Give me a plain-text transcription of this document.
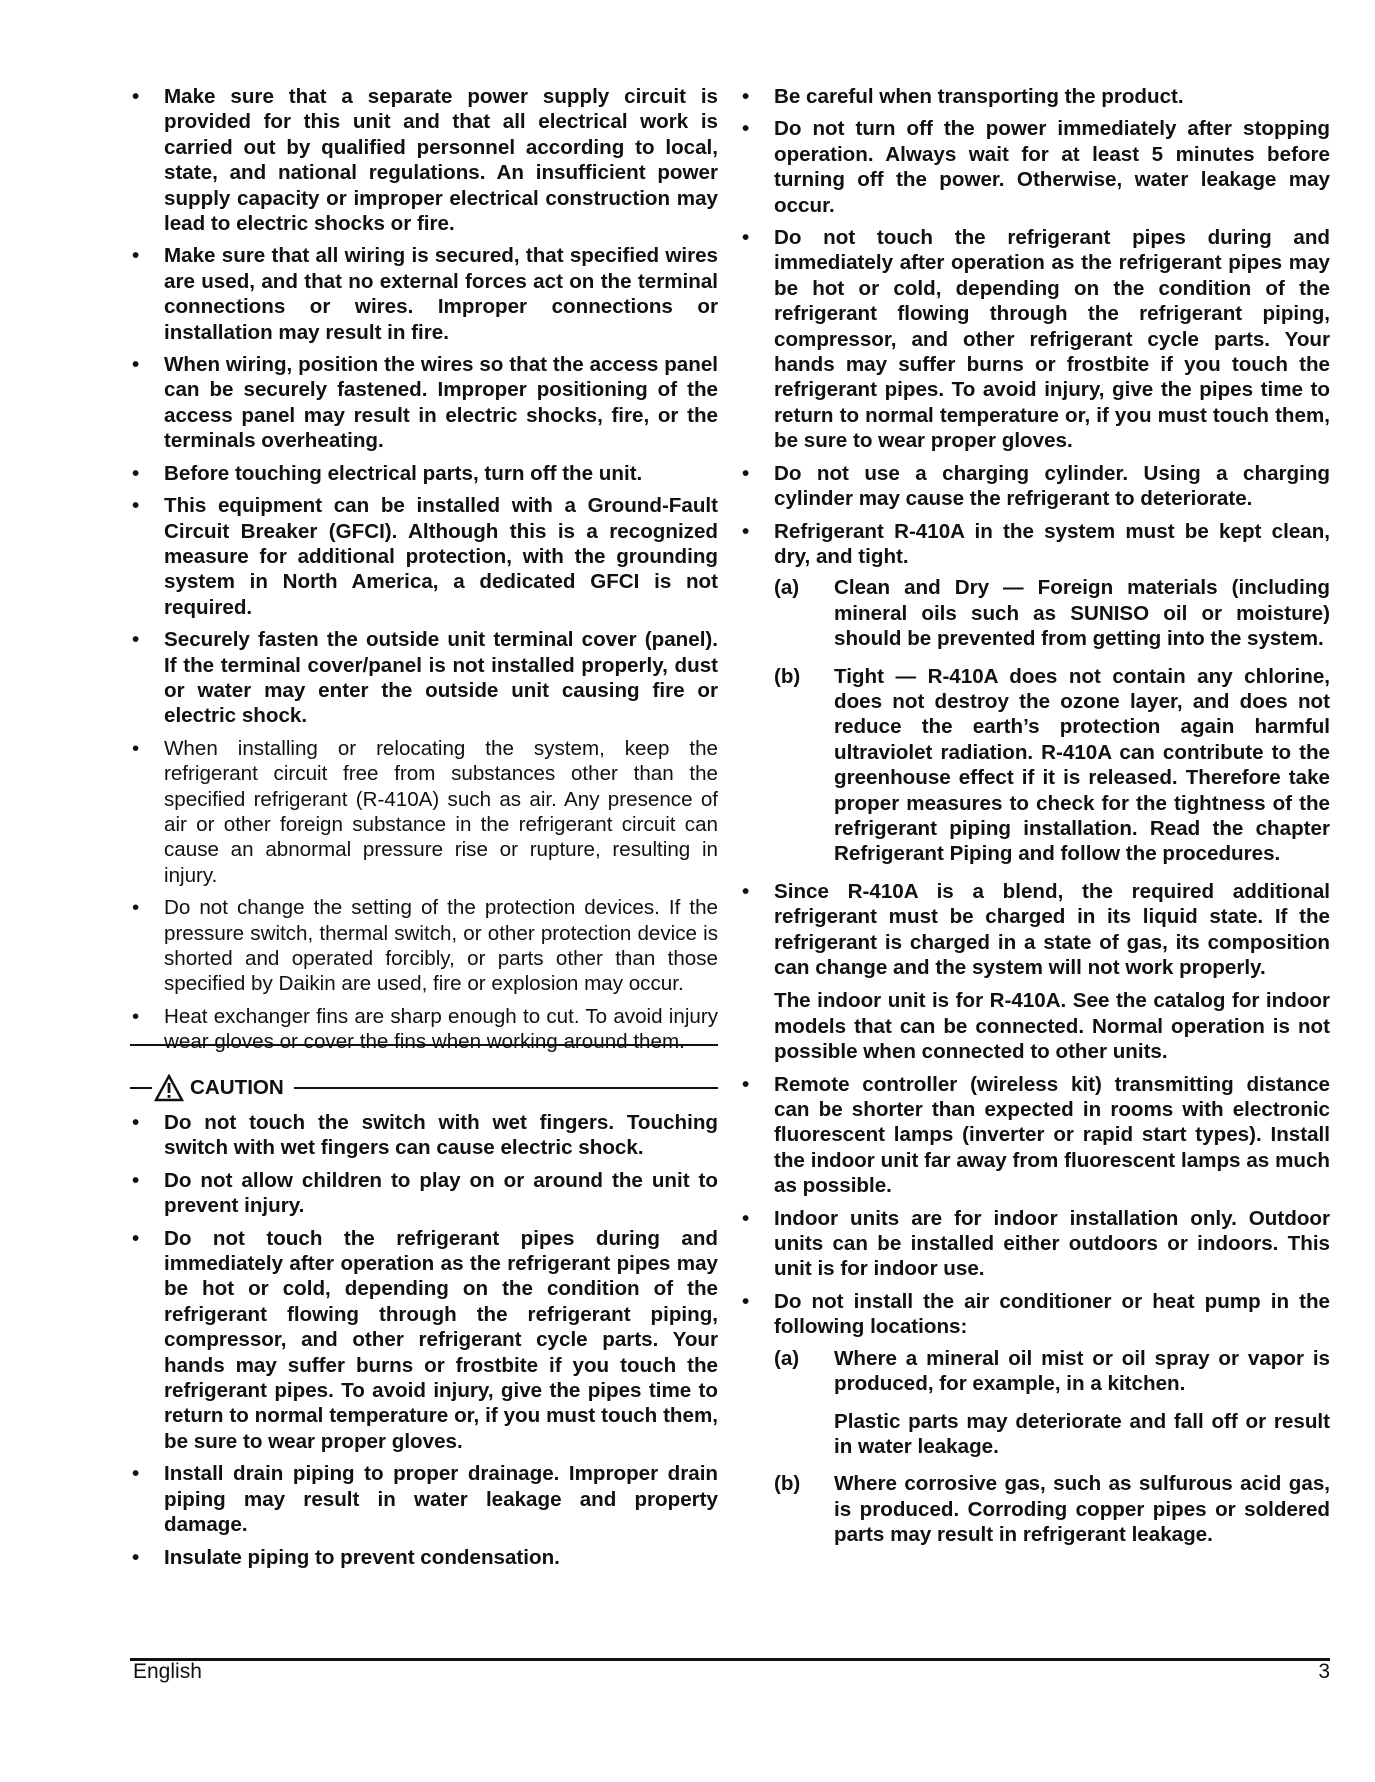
• Make sure that a separate power supply circuit is provided for this unit and that all electrical work is carried out by qualified personnel according to local, state, and national regulations. An insufficient power supply capacity or improper electrical construction may lead to electric shocks or fire.
• Make sure that all wiring is secured, that specified wires are used, and that no external forces act on the terminal connections or wires. Improper connections or installation may result in fire.
• When wiring, position the wires so that the access panel can be securely fastened. Improper positioning of the access panel may result in electric shocks, fire, or the terminals overheating.
• Before touching electrical parts, turn off the unit.
• This equipment can be installed with a Ground-Fault Circuit Breaker (GFCI). Although this is a recognized measure for additional protection, with the grounding system in North America, a dedicated GFCI is not required.
• Securely fasten the outside unit terminal cover (panel). If the terminal cover/panel is not installed properly, dust or water may enter the outside unit causing fire or electric shock.
• When installing or relocating the system, keep the refrigerant circuit free from substances other than the specified refrigerant (R-410A) such as air. Any presence of air or other foreign substance in the refrigerant circuit can cause an abnormal pressure rise or rupture, resulting in injury.
• Do not change the setting of the protection devices. If the pressure switch, thermal switch, or other protection device is shorted and operated forcibly, or parts other than those specified by Daikin are used, fire or explosion may occur.
• Heat exchanger fins are sharp enough to cut. To avoid injury wear gloves or cover the fins when working around them.
CAUTION
• Do not touch the switch with wet fingers. Touching switch with wet fingers can cause electric shock.
• Do not allow children to play on or around the unit to prevent injury.
• Do not touch the refrigerant pipes during and immediately after operation as the refrigerant pipes may be hot or cold, depending on the condition of the refrigerant flowing through the refrigerant piping, compressor, and other refrigerant cycle parts. Your hands may suffer burns or frostbite if you touch the refrigerant pipes. To avoid injury, give the pipes time to return to normal temperature or, if you must touch them, be sure to wear proper gloves.
• Install drain piping to proper drainage. Improper drain piping may result in water leakage and property damage.
• Insulate piping to prevent condensation.
• Be careful when transporting the product.
• Do not turn off the power immediately after stopping operation. Always wait for at least 5 minutes before turning off the power. Otherwise, water leakage may occur.
• Do not touch the refrigerant pipes during and immediately after operation as the refrigerant pipes may be hot or cold, depending on the condition of the refrigerant flowing through the refrigerant piping, compressor, and other refrigerant cycle parts. Your hands may suffer burns or frostbite if you touch the refrigerant pipes. To avoid injury, give the pipes time to return to normal temperature or, if you must touch them, be sure to wear proper gloves.
• Do not use a charging cylinder. Using a charging cylinder may cause the refrigerant to deteriorate.
• Refrigerant R-410A in the system must be kept clean, dry, and tight.
(a) Clean and Dry — Foreign materials (including mineral oils such as SUNISO oil or moisture) should be prevented from getting into the system.
(b) Tight — R-410A does not contain any chlorine, does not destroy the ozone layer, and does not reduce the earth’s protection again harmful ultraviolet radiation. R-410A can contribute to the greenhouse effect if it is released. Therefore take proper measures to check for the tightness of the refrigerant piping installation. Read the chapter Refrigerant Piping and follow the procedures.
• Since R-410A is a blend, the required additional refrigerant must be charged in its liquid state. If the refrigerant is charged in a state of gas, its composition can change and the system will not work properly.
The indoor unit is for R-410A. See the catalog for indoor models that can be connected. Normal operation is not possible when connected to other units.
• Remote controller (wireless kit) transmitting distance can be shorter than expected in rooms with electronic fluorescent lamps (inverter or rapid start types). Install the indoor unit far away from fluorescent lamps as much as possible.
• Indoor units are for indoor installation only. Outdoor units can be installed either outdoors or indoors. This unit is for indoor use.
• Do not install the air conditioner or heat pump in the following locations:
(a) Where a mineral oil mist or oil spray or vapor is produced, for example, in a kitchen.
Plastic parts may deteriorate and fall off or result in water leakage.
(b) Where corrosive gas, such as sulfurous acid gas, is produced. Corroding copper pipes or soldered parts may result in refrigerant leakage.
English	3
